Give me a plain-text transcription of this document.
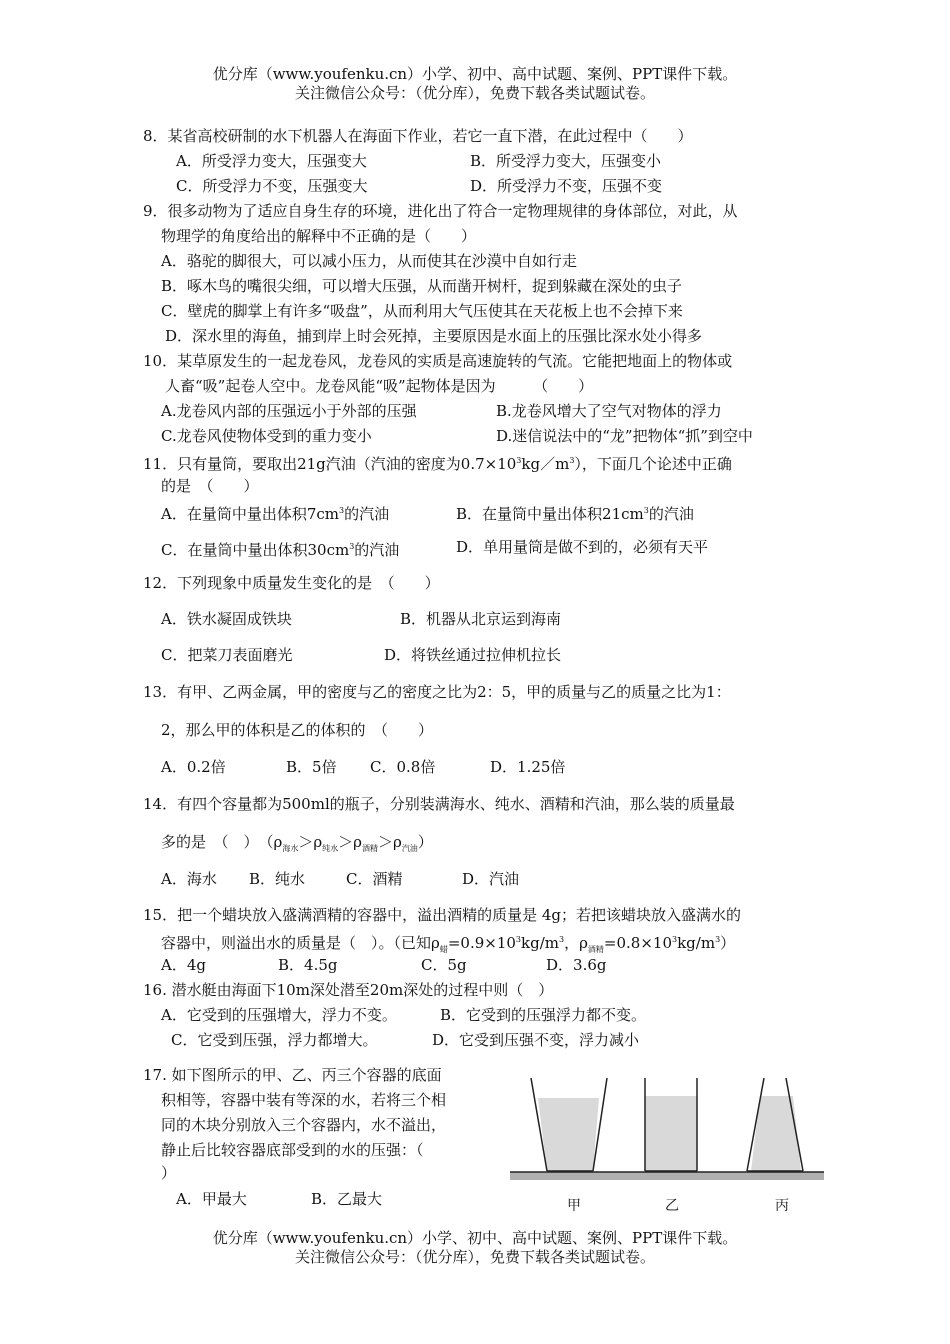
优分库（www.youfenku.cn）小学、初中、高中试题、案例、PPT课件下载。
关注微信公众号：（优分库），免费下载各类试题试卷。
8．某省高校研制的水下机器人在海面下作业，若它一直下潜，在此过程中（　　）
A．所受浮力变大，压强变大	B．所受浮力变大，压强变小
C．所受浮力不变，压强变大	D．所受浮力不变，压强不变
9．很多动物为了适应自身生存的环境，进化出了符合一定物理规律的身体部位，对此，从
物理学的角度给出的解释中不正确的是（　　）
A．骆驼的脚很大，可以减小压力，从而使其在沙漠中自如行走
B．啄木鸟的嘴很尖细，可以增大压强，从而凿开树杆，捉到躲藏在深处的虫子
C．壁虎的脚掌上有许多“吸盘”，从而利用大气压使其在天花板上也不会掉下来
D．深水里的海鱼，捕到岸上时会死掉，主要原因是水面上的压强比深水处小得多
10．某草原发生的一起龙卷风，龙卷风的实质是高速旋转的气流。它能把地面上的物体或
人畜“吸”起卷人空中。龙卷风能“吸”起物体是因为　　　（　　）
A.龙卷风内部的压强远小于外部的压强	B.龙卷风增大了空气对物体的浮力
C.龙卷风使物体受到的重力变小	D.迷信说法中的“龙”把物体“抓”到空中
11．只有量筒，要取出21g汽油（汽油的密度为$0.7\times 10^3kg/m^3$），下面几个论述中正确
的是　（　　）
A．在量筒中量出体积$7cm^3$的汽油	B．在量筒中量出体积$21cm^3$的汽油
C．在量筒中量出体积$30cm^3$的汽油	D．单用量筒是做不到的，必须有天平
12．下列现象中质量发生变化的是　（　　）
A．铁水凝固成铁块	B．机器从北京运到海南
C．把菜刀表面磨光	D．将铁丝通过拉伸机拉长
13．有甲、乙两金属，甲的密度与乙的密度之比为2：5，甲的质量与乙的质量之比为1：
2，那么甲的体积是乙的体积的　（　　）
A．0.2倍	B．5倍 C．0.8倍	D．1.25倍
14．有四个容量都为500ml的瓶子，分别装满海水、纯水、酒精和汽油，那么装的质量最
多的是　（　）　$(\rho_{海水}>\rho_{纯水}>\rho_{酒精}>\rho_{汽油})$
A．海水 B．纯水	C．酒精	D．汽油
15．把一个蜡块放入盛满酒精的容器中，溢出酒精的质量是 4g；若把该蜡块放入盛满水的
容器中，则溢出水的质量是（　）。（已知$\rho_蜡=0.9\times 10^3kg/m^3$，$\rho_{酒精}=0.8\times 10^3kg/m^3$）
A．4g	B．4.5g	C．5g	D．3.6g
16. 潜水艇由海面下10m深处潜至20m深处的过程中则（　）
A．它受到的压强增大，浮力不变。	B．它受到的压强浮力都不变。
C．它受到压强，浮力都增大。	D．它受到压强不变，浮力减小
17. 如下图所示的甲、乙、丙三个容器的底面
积相等，容器中装有等深的水，若将三个相
同的木块分别放入三个容器内，水不溢出，
静止后比较容器底部受到的水的压强：（
）
A．甲最大	B．乙最大	甲	乙	丙
优分库（www.youfenku.cn）小学、初中、高中试题、案例、PPT课件下载。
关注微信公众号：（优分库），免费下载各类试题试卷。
